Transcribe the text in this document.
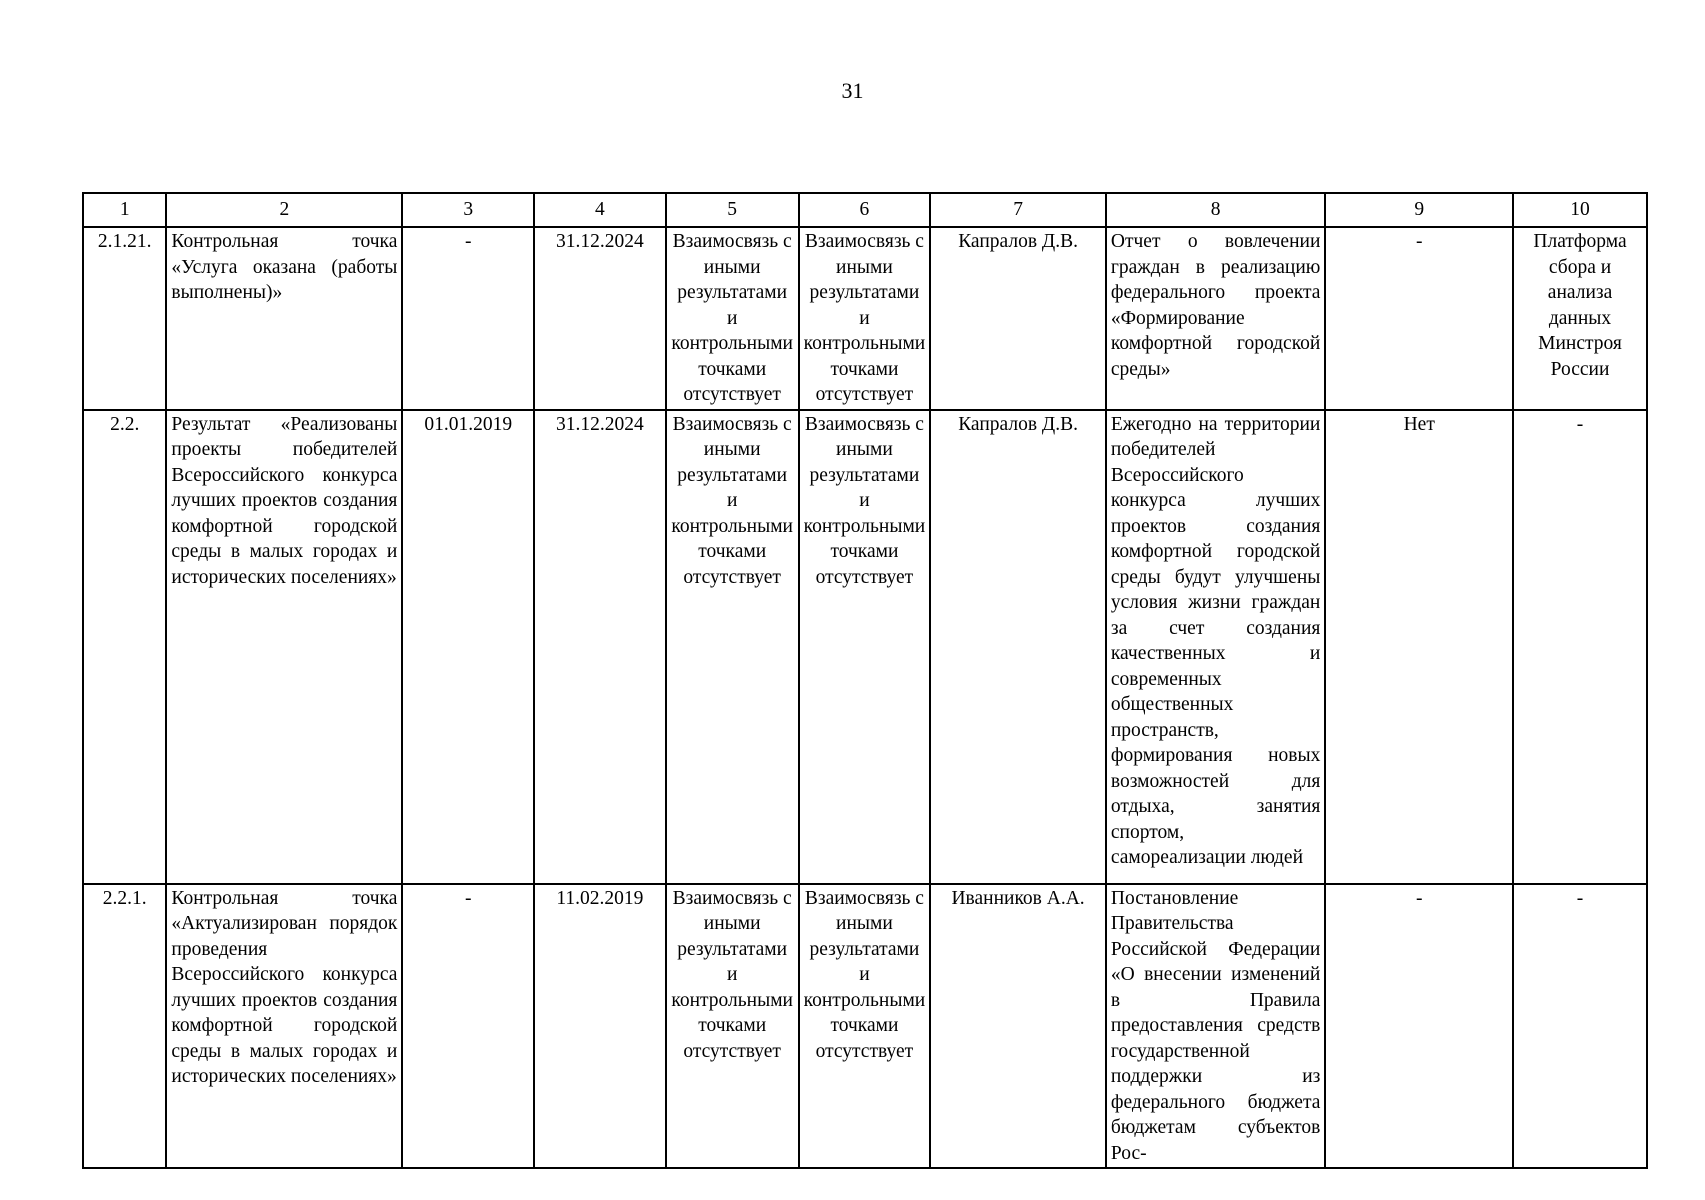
31
1	2	3	4	5	6	7	8	9	10
2.1.21.	Контрольная точка «Услуга оказана (работы выполнены)»	-	31.12.2024	Взаимосвязь с иными результатами и контрольными точками отсутствует	Взаимосвязь с иными результатами и контрольными точками отсутствует	Капралов Д.В.	Отчет о вовлечении граждан в реализацию федерального проекта «Формирование комфортной городской среды»	-	Платформа сбора и анализа данных Минстроя России
2.2.	Результат «Реализованы проекты победителей Всероссийского конкурса лучших проектов создания комфортной городской среды в малых городах и исторических поселениях»	01.01.2019	31.12.2024	Взаимосвязь с иными результатами и контрольными точками отсутствует	Взаимосвязь с иными результатами и контрольными точками отсутствует	Капралов Д.В.	Ежегодно на территории победителей Всероссийского конкурса лучших проектов создания комфортной городской среды будут улучшены условия жизни граждан за счет создания качественных и современных общественных пространств, формирования новых возможностей для отдыха, занятия спортом, самореализации людей	Нет	-
2.2.1.	Контрольная точка «Актуализирован порядок проведения Всероссийского конкурса лучших проектов создания комфортной городской среды в малых городах и исторических поселениях»	-	11.02.2019	Взаимосвязь с иными результатами и контрольными точками отсутствует	Взаимосвязь с иными результатами и контрольными точками отсутствует	Иванников А.А.	Постановление Правительства Российской Федерации «О внесении изменений в Правила предоставления средств государственной поддержки из федерального бюджета бюджетам субъектов Рос-	-	-
